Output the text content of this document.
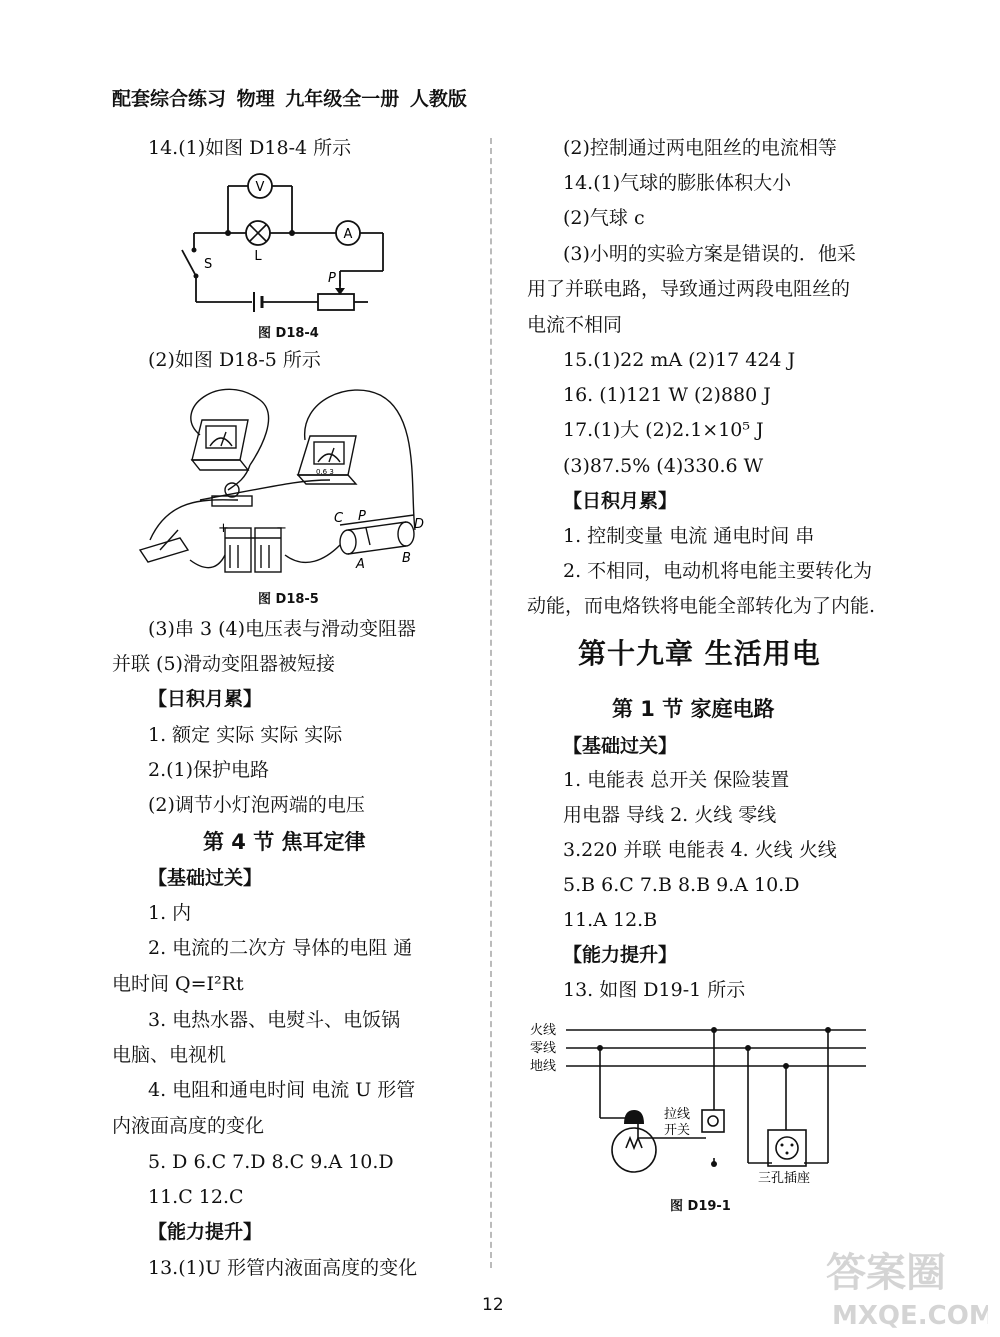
配套综合练习 物理 九年级全一册 人教版
14.(1)如图 D18-4 所示
V
A
L
S
P
图 D18-4
(2)如图 D18-5 所示
+	−
C P
D
A	B
0.6 3
图 D18-5
(3)串 3 (4)电压表与滑动变阻器
并联 (5)滑动变阻器被短接
【日积月累】
1. 额定 实际 实际 实际
2.(1)保护电路
(2)调节小灯泡两端的电压
第 4 节 焦耳定律
【基础过关】
1. 内
2. 电流的二次方 导体的电阻 通
电时间 Q=I²Rt
3. 电热水器、电熨斗、电饭锅
电脑、电视机
4. 电阻和通电时间 电流 U 形管
内液面高度的变化
5. D 6.C 7.D 8.C 9.A 10.D
11.C 12.C
【能力提升】
13.(1)U 形管内液面高度的变化
(2)控制通过两电阻丝的电流相等
14.(1)气球的膨胀体积大小
(2)气球 c
(3)小明的实验方案是错误的．他采
用了并联电路，导致通过两段电阻丝的
电流不相同
15.(1)22 mA (2)17 424 J
16. (1)121 W (2)880 J
17.(1)大 (2)2.1×10⁵ J
(3)87.5% (4)330.6 W
【日积月累】
1. 控制变量 电流 通电时间 串
2. 不相同，电动机将电能主要转化为
动能，而电烙铁将电能全部转化为了内能.
第十九章 生活用电
第 1 节 家庭电路
【基础过关】
1. 电能表 总开关 保险装置
用电器 导线 2. 火线 零线
3.220 并联 电能表 4. 火线 火线
5.B 6.C 7.B 8.B 9.A 10.D
11.A 12.B
【能力提升】
13. 如图 D19-1 所示
火线
零线
地线
拉线
开关
三孔插座
图 D19-1
12
答案圈
MXQE.COM
